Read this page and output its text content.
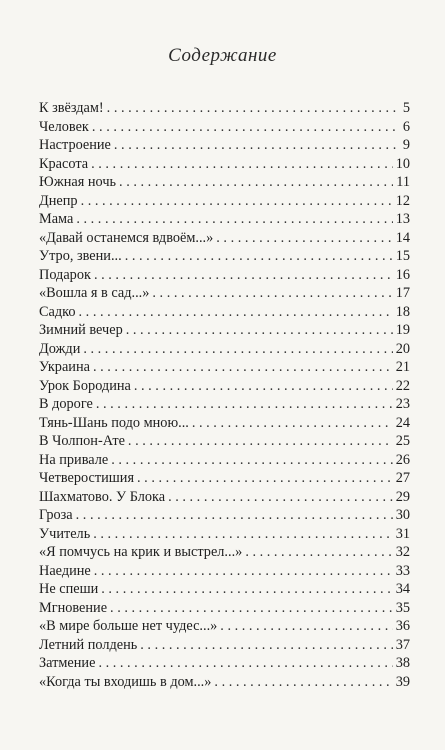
Содержание
К звёздам! . . .	5
Человек . . .	6
Настроение . . .	9
Красота . . .	10
Южная ночь . . .	11
Днепр . . .	12
Мама . . .	13
«Давай останемся вдвоём...» . . .	14
Утро, звени... . . .	15
Подарок . . .	16
«Вошла я в сад...» . . .	17
Садко . . .	18
Зимний вечер . . .	19
Дожди . . .	20
Украина . . .	21
Урок Бородина . . .	22
В дороге . . .	23
Тянь-Шань подо мною... . . .	24
В Чолпон-Ате . . .	25
На привале . . .	26
Четверостишия . . .	27
Шахматово. У Блока . . .	29
Гроза . . .	30
Учитель . . .	31
«Я помчусь на крик и выстрел...» . . .	32
Наедине . . .	33
Не спеши . . .	34
Мгновение . . .	35
«В мире больше нет чудес...» . . .	36
Летний полдень . . .	37
Затмение . . .	38
«Когда ты входишь в дом...» . . .	39
